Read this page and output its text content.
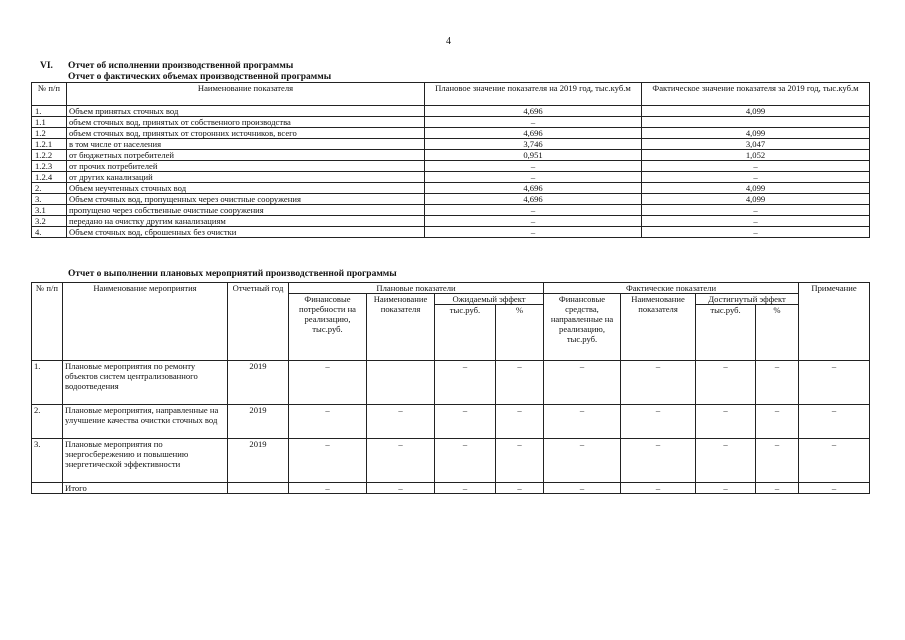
4
VI. Отчет об исполнении производственной программы
Отчет о фактических объемах производственной программы
№ п/п	Наименование показателя	Плановое значение показателя на 2019 год, тыс.куб.м	Фактическое значение показателя за 2019 год, тыс.куб.м
1.	Объем принятых сточных вод	4,696	4,099
1.1	объем сточных вод, принятых от собственного производства	–	
1.2	объем сточных вод, принятых от сторонних источников, всего	4,696	4,099
1.2.1	в том числе от населения	3,746	3,047
1.2.2	от бюджетных потребителей	0,951	1,052
1.2.3	от прочих потребителей	–	–
1.2.4	от других канализаций	–	–
2.	Объем неучтенных сточных вод	4,696	4,099
3.	Объем сточных вод, пропущенных через очистные сооружения	4,696	4,099
3.1	пропущено через собственные очистные сооружения	–	–
3.2	передано на очистку другим канализациям	–	–
4.	Объем сточных вод, сброшенных без очистки	–	–
Отчет о выполнении плановых мероприятий производственной программы
№ п/п	Наименование мероприятия	Отчетный год	Плановые показатели				Фактические показатели				Примечание
			Финансовые потребности на реализацию, тыс.руб.	Наименование показателя	Ожидаемый эффект		Финансовые средства, направленные на реализацию, тыс.руб.	Наименование показателя	Достигнутый эффект		
					тыс.руб.	%			тыс.руб.	%	
1.	Плановые мероприятия по ремонту объектов систем централизованного водоотведения	2019	–		–	–	–	–	–	–	–
2.	Плановые мероприятия, направленные на улучшение качества очистки сточных вод	2019	–	–	–	–	–	–	–	–	–
3.	Плановые мероприятия по энергосбережению и повышению энергетической эффективности	2019	–	–	–	–	–	–	–	–	–
	Итого		–	–	–	–	–	–	–	–	–
